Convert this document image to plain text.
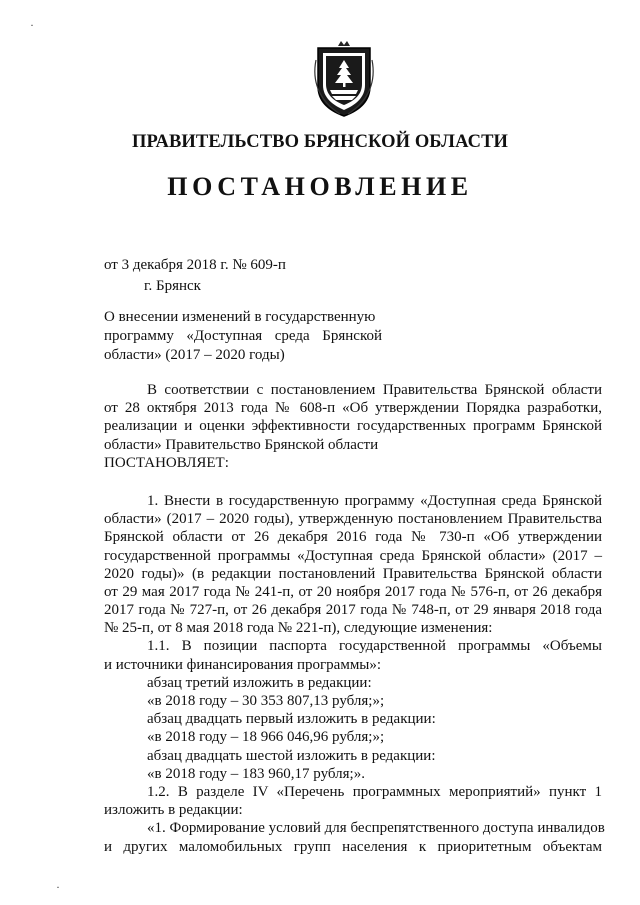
ПРАВИТЕЛЬСТВО БРЯНСКОЙ ОБЛАСТИ
ПОСТАНОВЛЕНИЕ
от 3 декабря 2018 г. № 609-п
г. Брянск
О внесении изменений в государственную
программу «Доступная среда Брянской
области» (2017 – 2020 годы)
В соответствии с постановлением Правительства Брянской области
от 28 октября 2013 года № 608-п «Об утверждении Порядка разработки,
реализации и оценки эффективности государственных программ Брянской
области» Правительство Брянской области
ПОСТАНОВЛЯЕТ:
1. Внести в государственную программу «Доступная среда Брянской
области» (2017 – 2020 годы), утвержденную постановлением Правительства
Брянской области от 26 декабря 2016 года № 730-п «Об утверждении
государственной программы «Доступная среда Брянской области» (2017 –
2020 годы)» (в редакции постановлений Правительства Брянской области
от 29 мая 2017 года № 241-п, от 20 ноября 2017 года № 576-п, от 26 декабря
2017 года № 727-п, от 26 декабря 2017 года № 748-п, от 29 января 2018 года
№ 25-п, от 8 мая 2018 года № 221-п), следующие изменения:
1.1. В позиции паспорта государственной программы «Объемы
и источники финансирования программы»:
абзац третий изложить в редакции:
«в 2018 году – 30 353 807,13 рубля;»;
абзац двадцать первый изложить в редакции:
«в 2018 году – 18 966 046,96 рубля;»;
абзац двадцать шестой изложить в редакции:
«в 2018 году – 183 960,17 рубля;».
1.2. В разделе IV «Перечень программных мероприятий» пункт 1
изложить в редакции:
«1. Формирование условий для беспрепятственного доступа инвалидов
и других маломобильных групп населения к приоритетным объектам
·
·
